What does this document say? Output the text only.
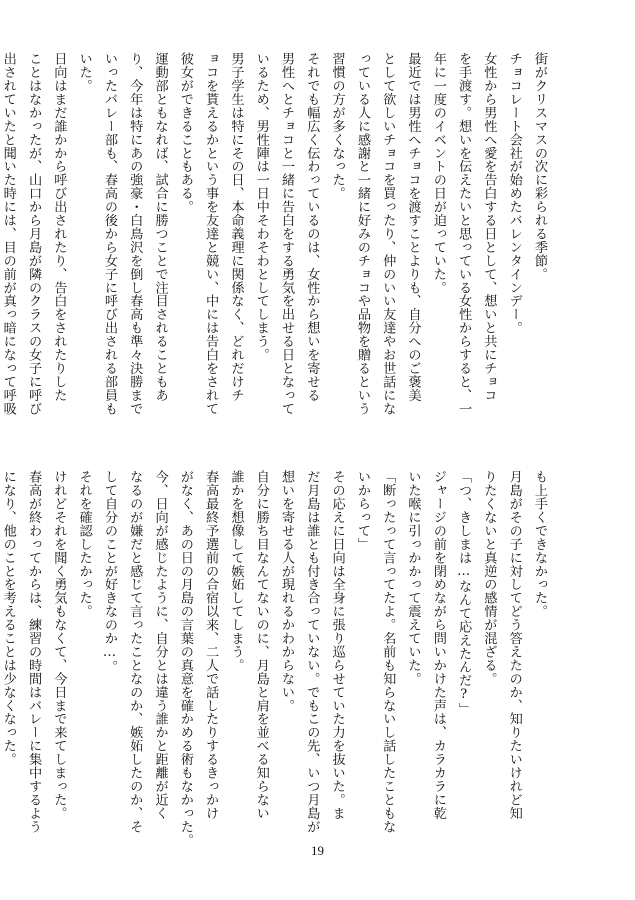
街がクリスマスの次に彩られる季節。
チョコレート会社が始めたバレンタインデー。
女性から男性へ愛を告白する日として、想いと共にチョコ
を手渡す。想いを伝えたいと思っている女性からすると、一
年に一度のイベントの日が迫っていた。
最近では男性へチョコを渡すことよりも、自分へのご褒美
として欲しいチョコを買ったり、仲のいい友達やお世話にな
っている人に感謝と一緒に好みのチョコや品物を贈るという
習慣の方が多くなった。
それでも幅広く伝わっているのは、女性から想いを寄せる
男性へとチョコと一緒に告白をする勇気を出せる日となって
いるため、男性陣は一日中そわそわとしてしまう。
男子学生は特にその日、本命義理に関係なく、どれだけチ
ョコを貰えるかという事を友達と競い、中には告白をされて
彼女ができることもある。
運動部ともなれば、試合に勝つことで注目されることもあ
り、今年は特にあの強豪・白鳥沢を倒し春高も準々決勝まで
いったバレー部も、春高の後から女子に呼び出される部員も
いた。
日向はまだ誰かから呼び出されたり、告白をされたりした
ことはなかったが、山口から月島が隣のクラスの女子に呼び
出されていたと聞いた時には、目の前が真っ暗になって呼吸
も上手くできなかった。
月島がその子に対してどう答えたのか、知りたいけれど知
りたくないと真逆の感情が混ざる。
「つ、きしまは…なんて応えたんだ?」
ジャージの前を閉めながら問いかけた声は、カラカラに乾
いた喉に引っかかって震えていた。
「断ったって言ってたよ。名前も知らないし話したこともな
いからって」
その応えに日向は全身に張り巡らせていた力を抜いた。ま
だ月島は誰とも付き合っていない。でもこの先、いつ月島が
想いを寄せる人が現れるかわからない。
自分に勝ち目なんてないのに、月島と肩を並べる知らない
誰かを想像して嫉妬してしまう。
春高最終予選前の合宿以来、二人で話したりするきっかけ
がなく、あの日の月島の言葉の真意を確かめる術もなかった。
今、日向が感じたように、自分とは違う誰かと距離が近く
なるのが嫌だと感じて言ったことなのか、嫉妬したのか、そ
して自分のことが好きなのか…。
それを確認したかった。
けれどそれを聞く勇気もなくて、今日まで来てしまった。
春高が終わってからは、練習の時間はバレーに集中するよう
になり、他のことを考えることは少なくなった。
19
